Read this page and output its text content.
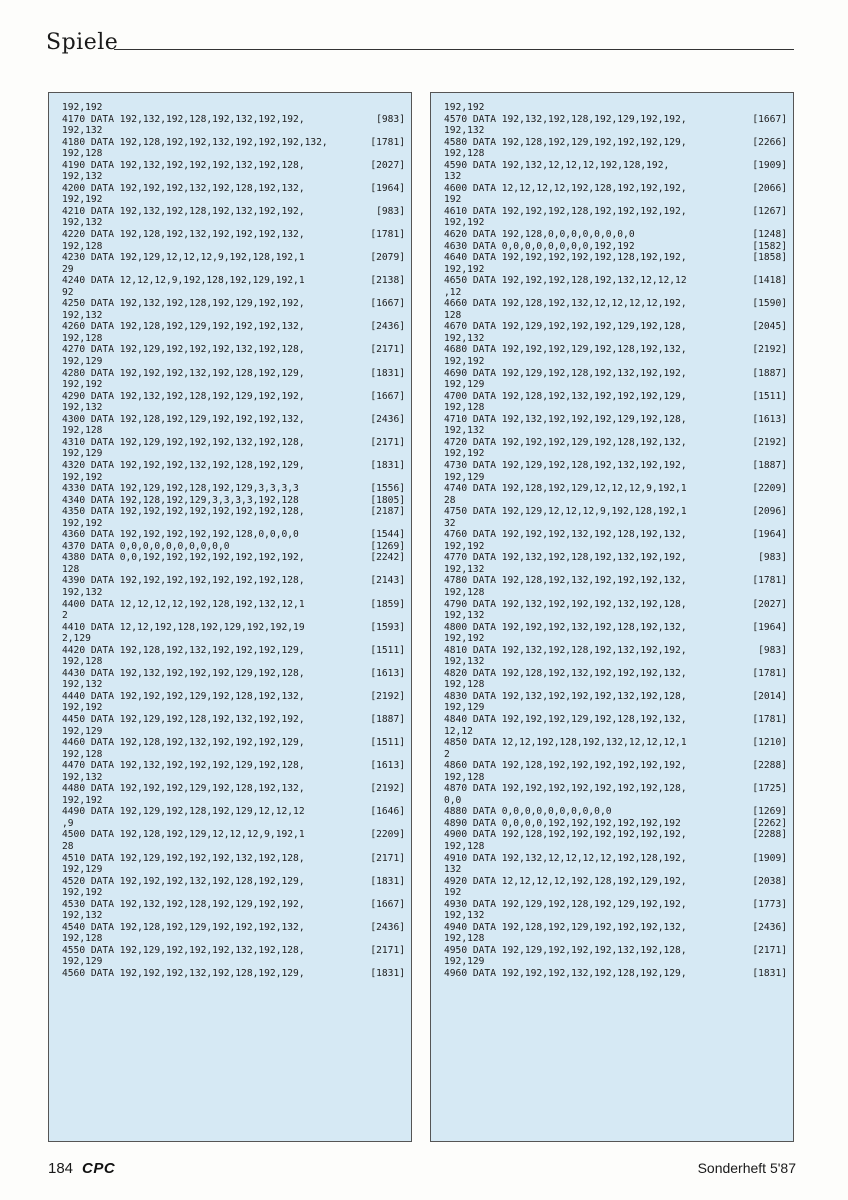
Spiele
192,192
4170 DATA 192,132,192,128,192,132,192,192,	[983]
192,132
4180 DATA 192,128,192,192,132,192,192,192,132,	[1781]
192,128
4190 DATA 192,132,192,192,192,132,192,128,	[2027]
192,132
4200 DATA 192,192,192,132,192,128,192,132,	[1964]
192,192
4210 DATA 192,132,192,128,192,132,192,192,	[983]
192,132
4220 DATA 192,128,192,132,192,192,192,132,	[1781]
192,128
4230 DATA 192,129,12,12,12,9,192,128,192,1	[2079]
29
4240 DATA 12,12,12,9,192,128,192,129,192,1	[2138]
92
4250 DATA 192,132,192,128,192,129,192,192,	[1667]
192,132
4260 DATA 192,128,192,129,192,192,192,132,	[2436]
192,128
4270 DATA 192,129,192,192,192,132,192,128,	[2171]
192,129
4280 DATA 192,192,192,132,192,128,192,129,	[1831]
192,192
4290 DATA 192,132,192,128,192,129,192,192,	[1667]
192,132
4300 DATA 192,128,192,129,192,192,192,132,	[2436]
192,128
4310 DATA 192,129,192,192,192,132,192,128,	[2171]
192,129
4320 DATA 192,192,192,132,192,128,192,129,	[1831]
192,192
4330 DATA 192,129,192,128,192,129,3,3,3,3	[1556]
4340 DATA 192,128,192,129,3,3,3,3,192,128	[1805]
4350 DATA 192,192,192,192,192,192,192,128,	[2187]
192,192
4360 DATA 192,192,192,192,192,128,0,0,0,0	[1544]
4370 DATA 0,0,0,0,0,0,0,0,0,0	[1269]
4380 DATA 0,0,192,192,192,192,192,192,192,	[2242]
128
4390 DATA 192,192,192,192,192,192,192,128,	[2143]
192,132
4400 DATA 12,12,12,12,192,128,192,132,12,1	[1859]
2
4410 DATA 12,12,192,128,192,129,192,192,19	[1593]
2,129
4420 DATA 192,128,192,132,192,192,192,129,	[1511]
192,128
4430 DATA 192,132,192,192,192,129,192,128,	[1613]
192,132
4440 DATA 192,192,192,129,192,128,192,132,	[2192]
192,192
4450 DATA 192,129,192,128,192,132,192,192,	[1887]
192,129
4460 DATA 192,128,192,132,192,192,192,129,	[1511]
192,128
4470 DATA 192,132,192,192,192,129,192,128,	[1613]
192,132
4480 DATA 192,192,192,129,192,128,192,132,	[2192]
192,192
4490 DATA 192,129,192,128,192,129,12,12,12	[1646]
,9
4500 DATA 192,128,192,129,12,12,12,9,192,1	[2209]
28
4510 DATA 192,129,192,192,192,132,192,128,	[2171]
192,129
4520 DATA 192,192,192,132,192,128,192,129,	[1831]
192,192
4530 DATA 192,132,192,128,192,129,192,192,	[1667]
192,132
4540 DATA 192,128,192,129,192,192,192,132,	[2436]
192,128
4550 DATA 192,129,192,192,192,132,192,128,	[2171]
192,129
4560 DATA 192,192,192,132,192,128,192,129,	[1831]
192,192
4570 DATA 192,132,192,128,192,129,192,192,	[1667]
192,132
4580 DATA 192,128,192,129,192,192,192,129,	[2266]
192,128
4590 DATA 192,132,12,12,12,192,128,192,	[1909]
132
4600 DATA 12,12,12,12,192,128,192,192,192,	[2066]
192
4610 DATA 192,192,192,128,192,192,192,192,	[1267]
192,192
4620 DATA 192,128,0,0,0,0,0,0,0,0	[1248]
4630 DATA 0,0,0,0,0,0,0,0,192,192	[1582]
4640 DATA 192,192,192,192,192,128,192,192,	[1858]
192,192
4650 DATA 192,192,192,128,192,132,12,12,12	[1418]
,12
4660 DATA 192,128,192,132,12,12,12,12,192,	[1590]
128
4670 DATA 192,129,192,192,192,129,192,128,	[2045]
192,132
4680 DATA 192,192,192,129,192,128,192,132,	[2192]
192,192
4690 DATA 192,129,192,128,192,132,192,192,	[1887]
192,129
4700 DATA 192,128,192,132,192,192,192,129,	[1511]
192,128
4710 DATA 192,132,192,192,192,129,192,128,	[1613]
192,132
4720 DATA 192,192,192,129,192,128,192,132,	[2192]
192,192
4730 DATA 192,129,192,128,192,132,192,192,	[1887]
192,129
4740 DATA 192,128,192,129,12,12,12,9,192,1	[2209]
28
4750 DATA 192,129,12,12,12,9,192,128,192,1	[2096]
32
4760 DATA 192,192,192,132,192,128,192,132,	[1964]
192,192
4770 DATA 192,132,192,128,192,132,192,192,	[983]
192,132
4780 DATA 192,128,192,132,192,192,192,132,	[1781]
192,128
4790 DATA 192,132,192,192,192,132,192,128,	[2027]
192,132
4800 DATA 192,192,192,132,192,128,192,132,	[1964]
192,192
4810 DATA 192,132,192,128,192,132,192,192,	[983]
192,132
4820 DATA 192,128,192,132,192,192,192,132,	[1781]
192,128
4830 DATA 192,132,192,192,192,132,192,128,	[2014]
192,129
4840 DATA 192,192,192,129,192,128,192,132,	[1781]
12,12
4850 DATA 12,12,192,128,192,132,12,12,12,1	[1210]
2
4860 DATA 192,128,192,192,192,192,192,192,	[2288]
192,128
4870 DATA 192,192,192,192,192,192,192,128,	[1725]
0,0
4880 DATA 0,0,0,0,0,0,0,0,0,0	[1269]
4890 DATA 0,0,0,0,192,192,192,192,192,192	[2262]
4900 DATA 192,128,192,192,192,192,192,192,	[2288]
192,128
4910 DATA 192,132,12,12,12,12,192,128,192,	[1909]
132
4920 DATA 12,12,12,12,192,128,192,129,192,	[2038]
192
4930 DATA 192,129,192,128,192,129,192,192,	[1773]
192,132
4940 DATA 192,128,192,129,192,192,192,132,	[2436]
192,128
4950 DATA 192,129,192,192,192,132,192,128,	[2171]
192,129
4960 DATA 192,192,192,132,192,128,192,129,	[1831]
184 CPC	Sonderheft 5'87
